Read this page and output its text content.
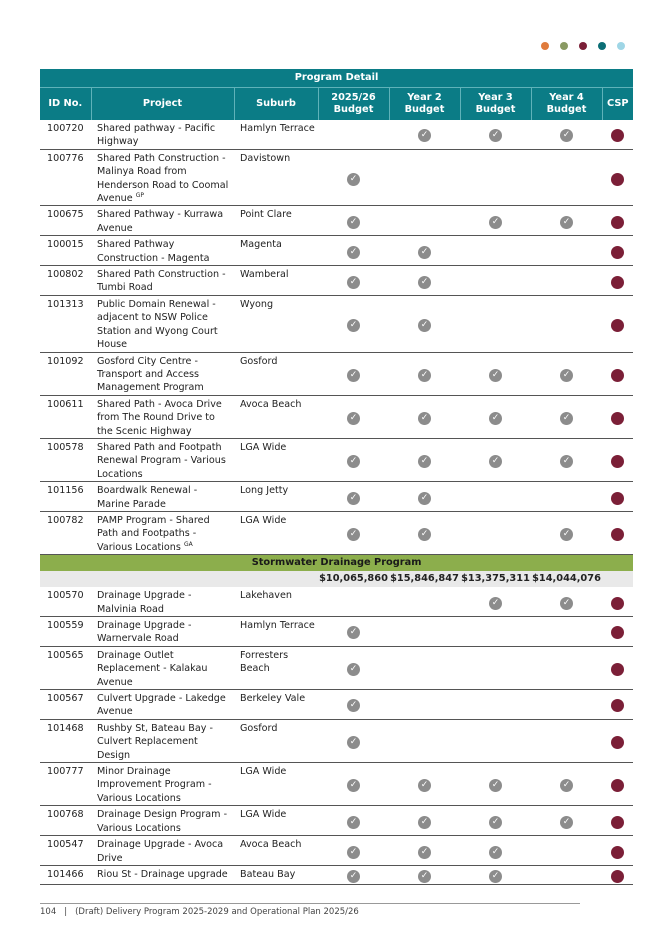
Program Detail							
ID No.	Project	Suburb	2025/26 Budget	Year 2 Budget	Year 3 Budget	Year 4 Budget	CSP
100720	Shared pathway - Pacific Highway	Hamlyn Terrace		✓	✓	✓	
100776	Shared Path Construction - Malinya Road from Henderson Road to Coomal Avenue $^{GP}$	Davistown	✓				
100675	Shared Pathway - Kurrawa Avenue	Point Clare	✓		✓	✓	
100015	Shared Pathway Construction - Magenta	Magenta	✓	✓			
100802	Shared Path Construction - Tumbi Road	Wamberal	✓	✓			
101313	Public Domain Renewal - adjacent to NSW Police Station and Wyong Court House	Wyong	✓	✓			
101092	Gosford City Centre - Transport and Access Management Program	Gosford	✓	✓	✓	✓	
100611	Shared Path - Avoca Drive from The Round Drive to the Scenic Highway	Avoca Beach	✓	✓	✓	✓	
100578	Shared Path and Footpath Renewal Program - Various Locations	LGA Wide	✓	✓	✓	✓	
101156	Boardwalk Renewal - Marine Parade	Long Jetty	✓	✓			
100782	PAMP Program - Shared Path and Footpaths - Various Locations $^{GA}$	LGA Wide	✓	✓		✓	
Stormwater Drainage Program							
			$10,065,860	$15,846,847	$13,375,311	$14,044,076	
100570	Drainage Upgrade - Malvinia Road	Lakehaven			✓	✓	
100559	Drainage Upgrade - Warnervale Road	Hamlyn Terrace	✓				
100565	Drainage Outlet Replacement - Kalakau Avenue	Forresters Beach	✓				
100567	Culvert Upgrade - Lakedge Avenue	Berkeley Vale	✓				
101468	Rushby St, Bateau Bay - Culvert Replacement Design	Gosford	✓				
100777	Minor Drainage Improvement Program - Various Locations	LGA Wide	✓	✓	✓	✓	
100768	Drainage Design Program - Various Locations	LGA Wide	✓	✓	✓	✓	
100547	Drainage Upgrade - Avoca Drive	Avoca Beach	✓	✓	✓		
101466	Riou St - Drainage upgrade	Bateau Bay	✓	✓	✓		
104 | (Draft) Delivery Program 2025-2029 and Operational Plan 2025/26
